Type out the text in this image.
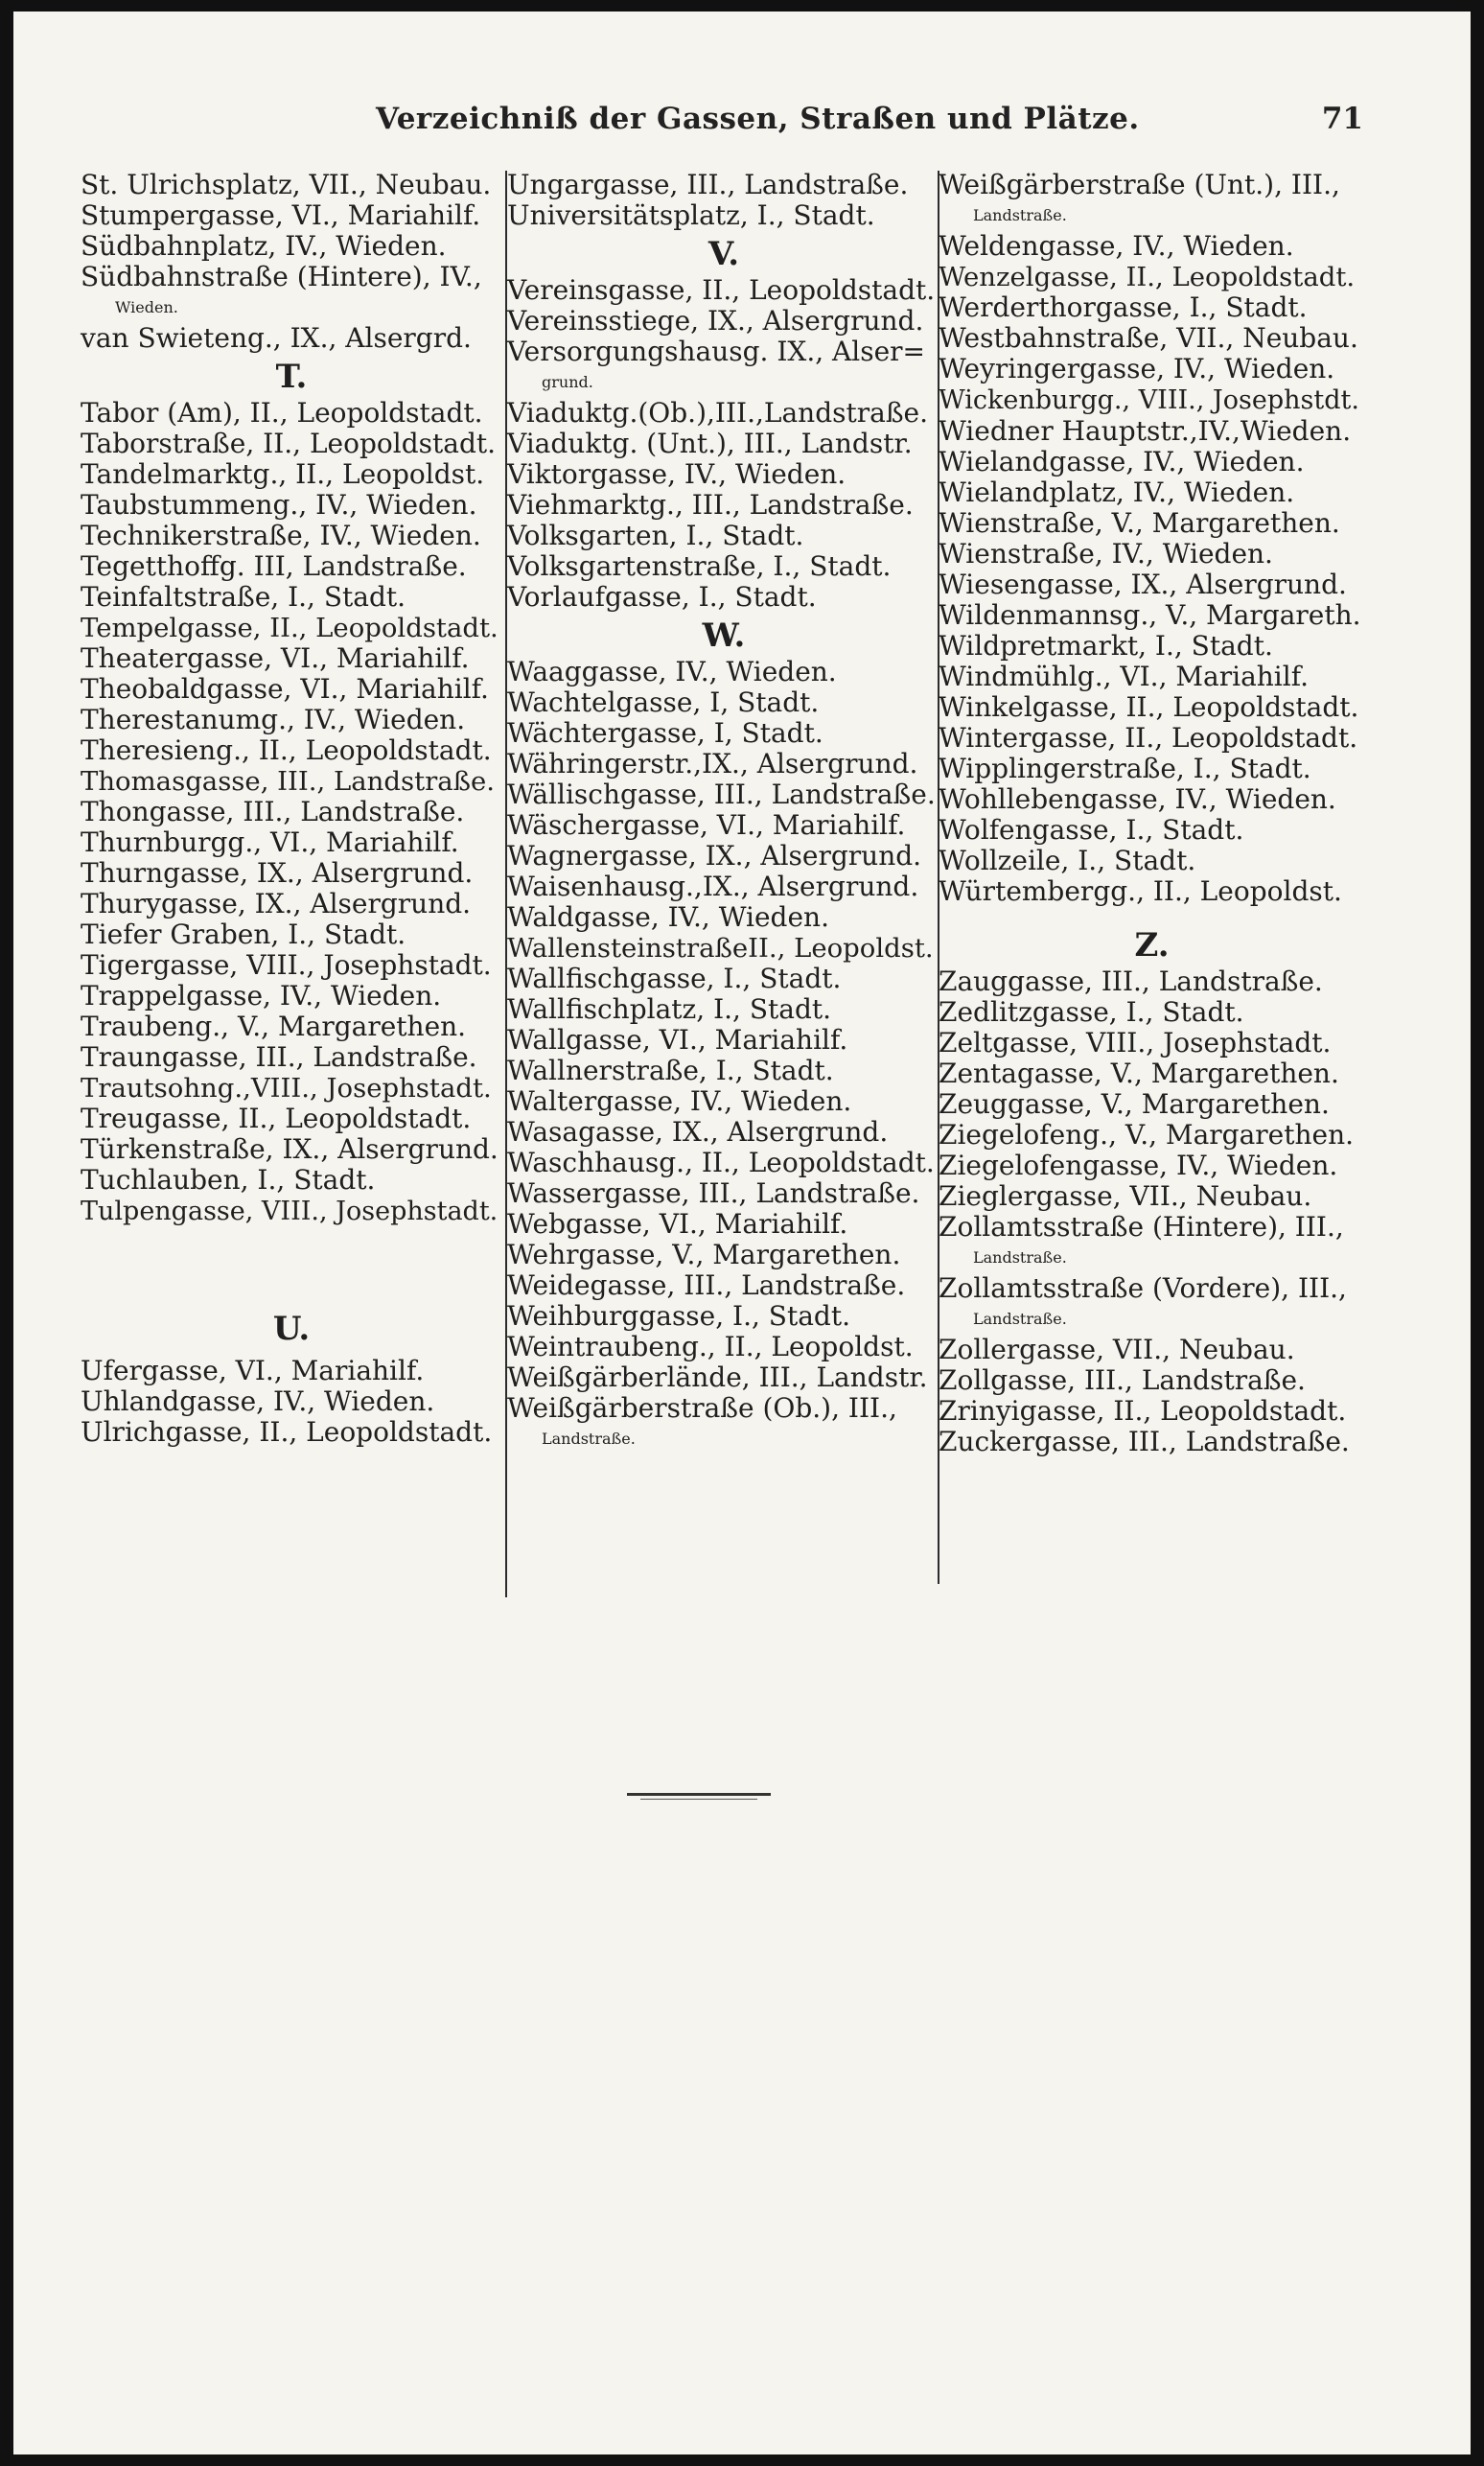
Verzeichniß der Gassen, Straßen und Plätze.	71
St. Ulrichsplatz, VII., Neubau.
Stumpergasse, VI., Mariahilf.
Südbahnplatz, IV., Wieden.
Südbahnstraße (Hintere), IV.,
Wieden.
van Swieteng., IX., Alsergrd.
T.
Tabor (Am), II., Leopoldstadt.
Taborstraße, II., Leopoldstadt.
Tandelmarktg., II., Leopoldst.
Taubstummeng., IV., Wieden.
Technikerstraße, IV., Wieden.
Tegetthoffg. III, Landstraße.
Teinfaltstraße, I., Stadt.
Tempelgasse, II., Leopoldstadt.
Theatergasse, VI., Mariahilf.
Theobaldgasse, VI., Mariahilf.
Therestanumg., IV., Wieden.
Theresieng., II., Leopoldstadt.
Thomasgasse, III., Landstraße.
Thongasse, III., Landstraße.
Thurnburgg., VI., Mariahilf.
Thurngasse, IX., Alsergrund.
Thurygasse, IX., Alsergrund.
Tiefer Graben, I., Stadt.
Tigergasse, VIII., Josephstadt.
Trappelgasse, IV., Wieden.
Traubeng., V., Margarethen.
Traungasse, III., Landstraße.
Trautsohng.,VIII., Josephstadt.
Treugasse, II., Leopoldstadt.
Türkenstraße, IX., Alsergrund.
Tuchlauben, I., Stadt.
Tulpengasse, VIII., Josephstadt.
U.
Ufergasse, VI., Mariahilf.
Uhlandgasse, IV., Wieden.
Ulrichgasse, II., Leopoldstadt.
Ungargasse, III., Landstraße.
Universitätsplatz, I., Stadt.
V.
Vereinsgasse, II., Leopoldstadt.
Vereinsstiege, IX., Alsergrund.
Versorgungshausg. IX., Alser=
grund.
Viaduktg.(Ob.),III.,Landstraße.
Viaduktg. (Unt.), III., Landstr.
Viktorgasse, IV., Wieden.
Viehmarktg., III., Landstraße.
Volksgarten, I., Stadt.
Volksgartenstraße, I., Stadt.
Vorlaufgasse, I., Stadt.
W.
Waaggasse, IV., Wieden.
Wachtelgasse, I, Stadt.
Wächtergasse, I, Stadt.
Währingerstr.,IX., Alsergrund.
Wällischgasse, III., Landstraße.
Wäschergasse, VI., Mariahilf.
Wagnergasse, IX., Alsergrund.
Waisenhausg.,IX., Alsergrund.
Waldgasse, IV., Wieden.
WallensteinstraßeII., Leopoldst.
Wallfischgasse, I., Stadt.
Wallfischplatz, I., Stadt.
Wallgasse, VI., Mariahilf.
Wallnerstraße, I., Stadt.
Waltergasse, IV., Wieden.
Wasagasse, IX., Alsergrund.
Waschhausg., II., Leopoldstadt.
Wassergasse, III., Landstraße.
Webgasse, VI., Mariahilf.
Wehrgasse, V., Margarethen.
Weidegasse, III., Landstraße.
Weihburggasse, I., Stadt.
Weintraubeng., II., Leopoldst.
Weißgärberlände, III., Landstr.
Weißgärberstraße (Ob.), III.,
Landstraße.
Weißgärberstraße (Unt.), III.,
Landstraße.
Weldengasse, IV., Wieden.
Wenzelgasse, II., Leopoldstadt.
Werderthorgasse, I., Stadt.
Westbahnstraße, VII., Neubau.
Weyringergasse, IV., Wieden.
Wickenburgg., VIII., Josephstdt.
Wiedner Hauptstr.,IV.,Wieden.
Wielandgasse, IV., Wieden.
Wielandplatz, IV., Wieden.
Wienstraße, V., Margarethen.
Wienstraße, IV., Wieden.
Wiesengasse, IX., Alsergrund.
Wildenmannsg., V., Margareth.
Wildpretmarkt, I., Stadt.
Windmühlg., VI., Mariahilf.
Winkelgasse, II., Leopoldstadt.
Wintergasse, II., Leopoldstadt.
Wipplingerstraße, I., Stadt.
Wohllebengasse, IV., Wieden.
Wolfengasse, I., Stadt.
Wollzeile, I., Stadt.
Würtembergg., II., Leopoldst.
Z.
Zauggasse, III., Landstraße.
Zedlitzgasse, I., Stadt.
Zeltgasse, VIII., Josephstadt.
Zentagasse, V., Margarethen.
Zeuggasse, V., Margarethen.
Ziegelofeng., V., Margarethen.
Ziegelofengasse, IV., Wieden.
Zieglergasse, VII., Neubau.
Zollamtsstraße (Hintere), III.,
Landstraße.
Zollamtsstraße (Vordere), III.,
Landstraße.
Zollergasse, VII., Neubau.
Zollgasse, III., Landstraße.
Zrinyigasse, II., Leopoldstadt.
Zuckergasse, III., Landstraße.
